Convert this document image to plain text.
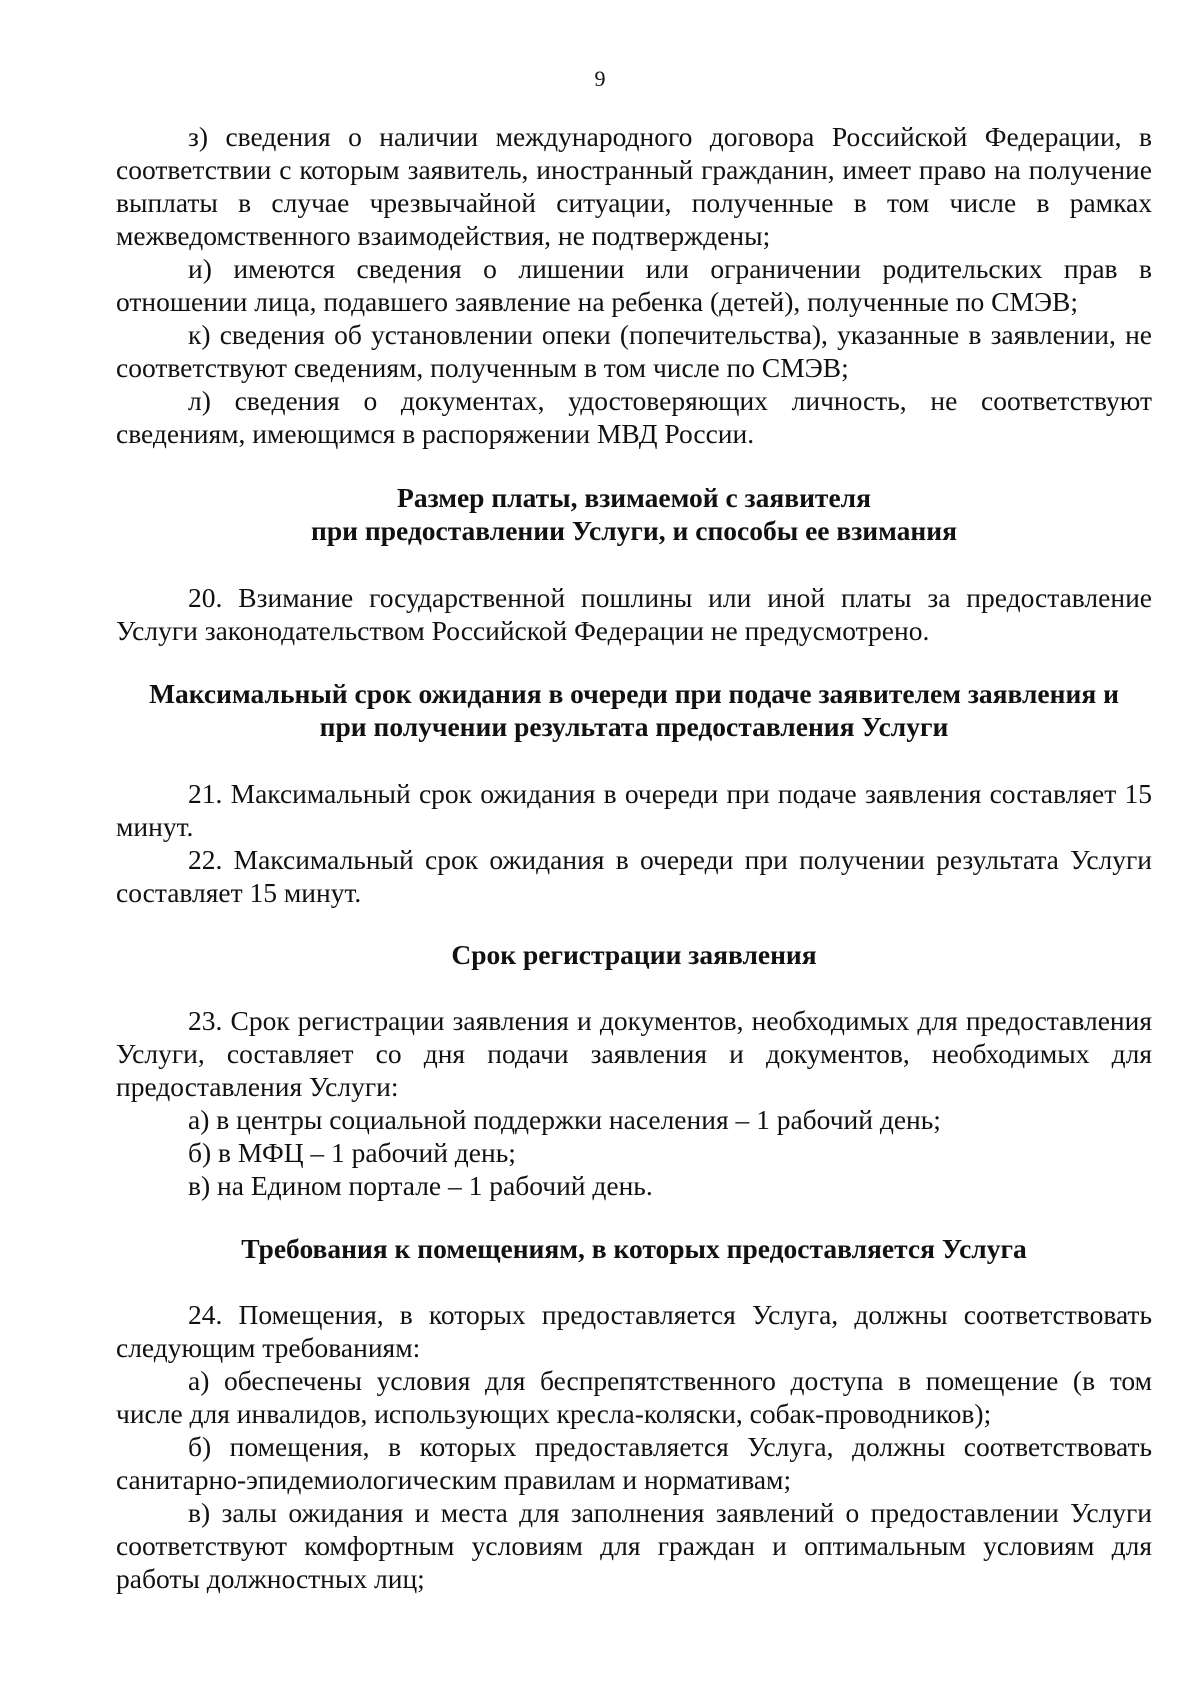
9

з) сведения о наличии международного договора Российской Федерации, в соответствии с которым заявитель, иностранный гражданин, имеет право на получение выплаты в случае чрезвычайной ситуации, полученные в том числе в рамках межведомственного взаимодействия, не подтверждены;

и) имеются сведения о лишении или ограничении родительских прав в отношении лица, подавшего заявление на ребенка (детей), полученные по СМЭВ;

к) сведения об установлении опеки (попечительства), указанные в заявлении, не соответствуют сведениям, полученным в том числе по СМЭВ;

л) сведения о документах, удостоверяющих личность, не соответствуют сведениям, имеющимся в распоряжении МВД России.

Размер платы, взимаемой с заявителя
при предоставлении Услуги, и способы ее взимания

20. Взимание государственной пошлины или иной платы за предоставление Услуги законодательством Российской Федерации не предусмотрено.

Максимальный срок ожидания в очереди при подаче заявителем заявления и
при получении результата предоставления Услуги

21. Максимальный срок ожидания в очереди при подаче заявления составляет 15 минут.

22. Максимальный срок ожидания в очереди при получении результата Услуги составляет 15 минут.

Срок регистрации заявления

23. Срок регистрации заявления и документов, необходимых для предоставления Услуги, составляет со дня подачи заявления и документов, необходимых для предоставления Услуги:

а) в центры социальной поддержки населения – 1 рабочий день;

б) в МФЦ – 1 рабочий день;

в) на Едином портале – 1 рабочий день.

Требования к помещениям, в которых предоставляется Услуга

24. Помещения, в которых предоставляется Услуга, должны соответствовать следующим требованиям:

а) обеспечены условия для беспрепятственного доступа в помещение (в том числе для инвалидов, использующих кресла-коляски, собак-проводников);

б) помещения, в которых предоставляется Услуга, должны соответствовать санитарно-эпидемиологическим правилам и нормативам;

в) залы ожидания и места для заполнения заявлений о предоставлении Услуги соответствуют комфортным условиям для граждан и оптимальным условиям для работы должностных лиц;
